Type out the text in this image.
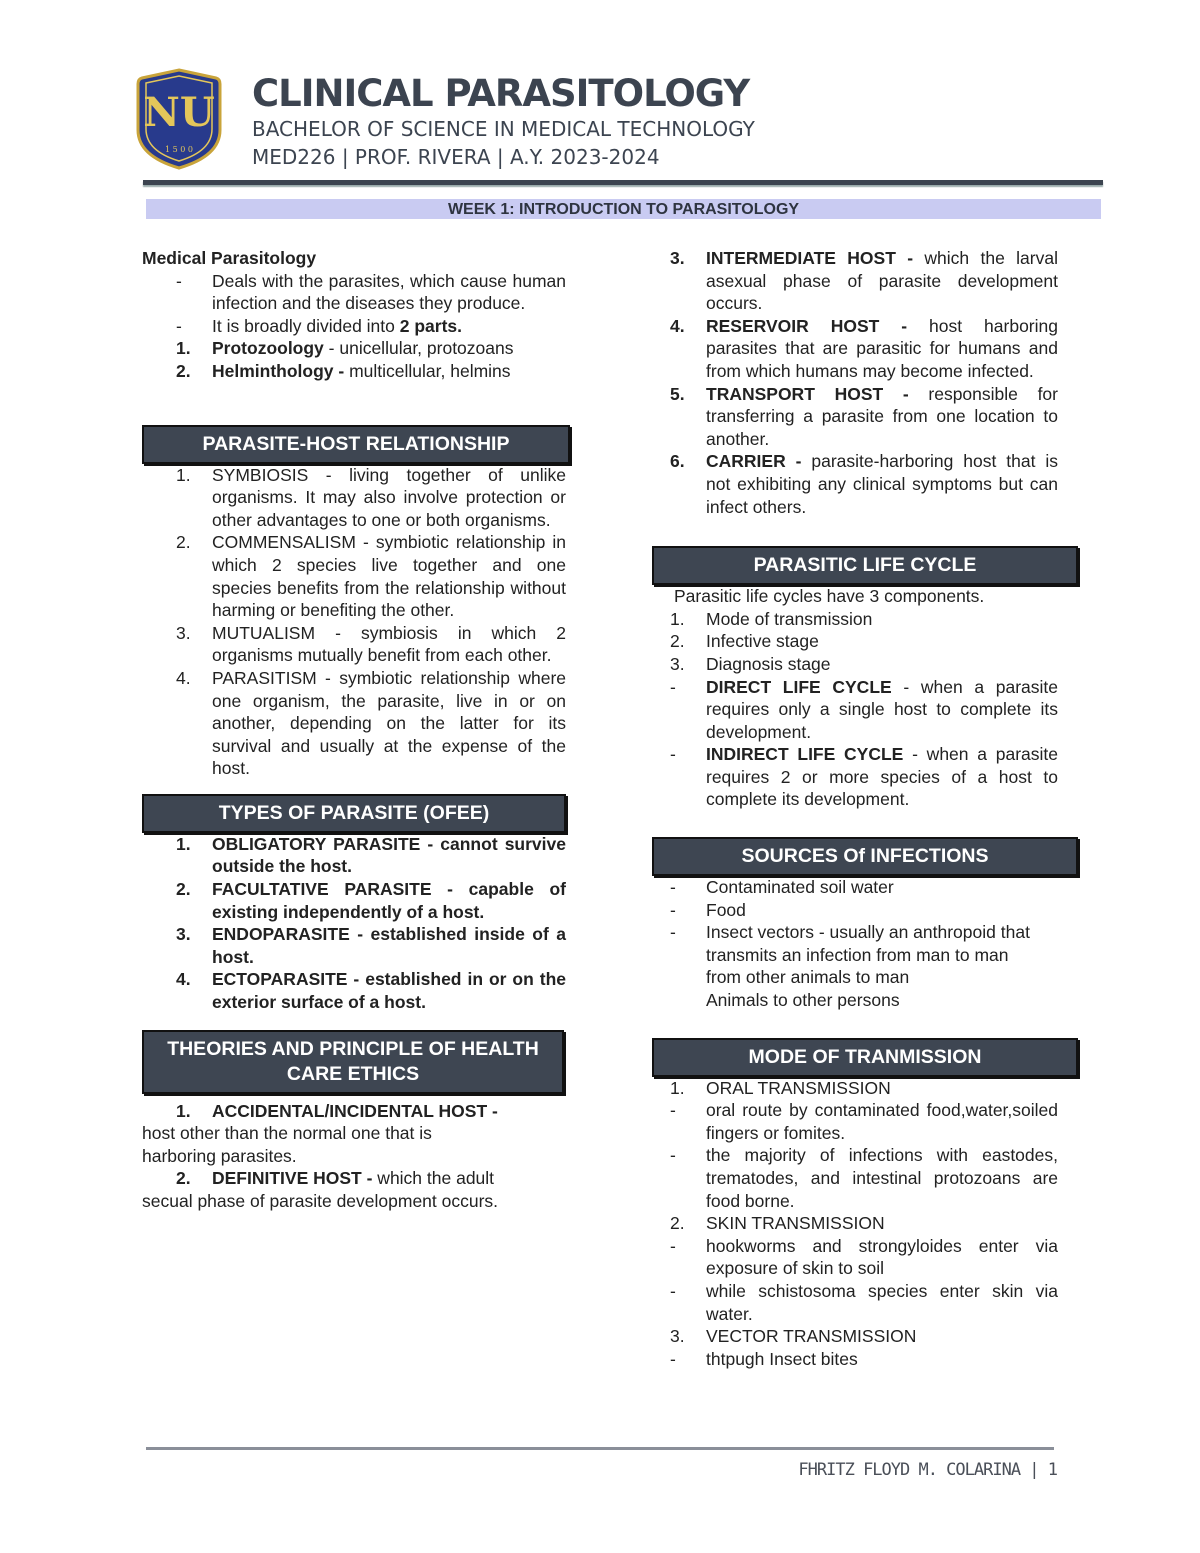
NU
1 5 0 0
CLINICAL PARASITOLOGY
BACHELOR OF SCIENCE IN MEDICAL TECHNOLOGY
MED226 | PROF. RIVERA | A.Y. 2023-2024
WEEK 1: INTRODUCTION TO PARASITOLOGY
Medical Parasitology
-	Deals with the parasites, which cause human infection and the diseases they produce.
-	It is broadly divided into 2 parts.
1.	Protozoology - unicellular, protozoans
2.	Helminthology - multicellular, helmins
PARASITE-HOST RELATIONSHIP
1.	SYMBIOSIS - living together of unlike organisms. It may also involve protection or other advantages to one or both organisms.
2.	COMMENSALISM - symbiotic relationship in which 2 species live together and one species benefits from the relationship without harming or benefiting the other.
3.	MUTUALISM - symbiosis in which 2 organisms mutually benefit from each other.
4.	PARASITISM - symbiotic relationship where one organism, the parasite, live in or on another, depending on the latter for its survival and usually at the expense of the host.
TYPES OF PARASITE (OFEE)
1.	OBLIGATORY PARASITE - cannot survive outside the host.
2.	FACULTATIVE PARASITE - capable of existing independently of a host.
3.	ENDOPARASITE - established inside of a host.
4.	ECTOPARASITE - established in or on the exterior surface of a host.
THEORIES AND PRINCIPLE OF HEALTH CARE ETHICS
1.	ACCIDENTAL/INCIDENTAL HOST -
host other than the normal one that is harboring parasites.
2.	DEFINITIVE HOST - which the adult
secual phase of parasite development occurs.
3.	INTERMEDIATE HOST - which the larval asexual phase of parasite development occurs.
4.	RESERVOIR HOST - host harboring parasites that are parasitic for humans and from which humans may become infected.
5.	TRANSPORT HOST - responsible for transferring a parasite from one location to another.
6.	CARRIER - parasite-harboring host that is not exhibiting any clinical symptoms but can infect others.
PARASITIC LIFE CYCLE
Parasitic life cycles have 3 components.
1.	Mode of transmission
2.	Infective stage
3.	Diagnosis stage
-	DIRECT LIFE CYCLE - when a parasite requires only a single host to complete its development.
-	INDIRECT LIFE CYCLE - when a parasite requires 2 or more species of a host to complete its development.
SOURCES Of INFECTIONS
-	Contaminated soil water
-	Food
-	Insect vectors - usually an anthropoid that transmits an infection from man to man from other animals to man
Animals to other persons
MODE OF TRANMISSION
1.	ORAL TRANSMISSION
-	oral route by contaminated food,water,soiled fingers or fomites.
-	the majority of infections with eastodes, trematodes, and intestinal protozoans are food borne.
2.	SKIN TRANSMISSION
-	hookworms and strongyloides enter via exposure of skin to soil
-	while schistosoma species enter skin via water.
3.	VECTOR TRANSMISSION
-	thtpugh Insect bites
FHRITZ FLOYD M. COLARINA | 1
